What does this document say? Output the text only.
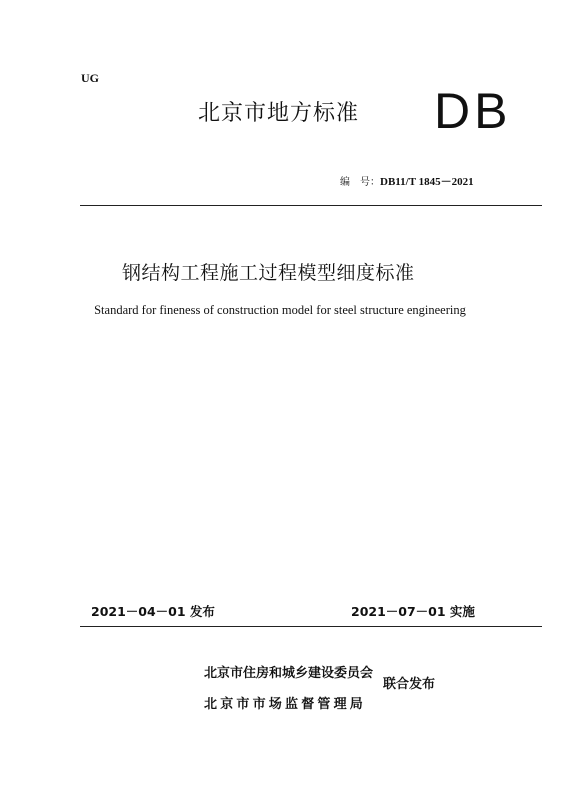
UG
北京市地方标准 DB
编　号：DB11/T 1845－2021
钢结构工程施工过程模型细度标准
Standard for fineness of construction model for steel structure engineering
2021－04－01 发布	2021－07－01 实施
北京市住房和城乡建设委员会
北京市市场监督管理局
联合发布
